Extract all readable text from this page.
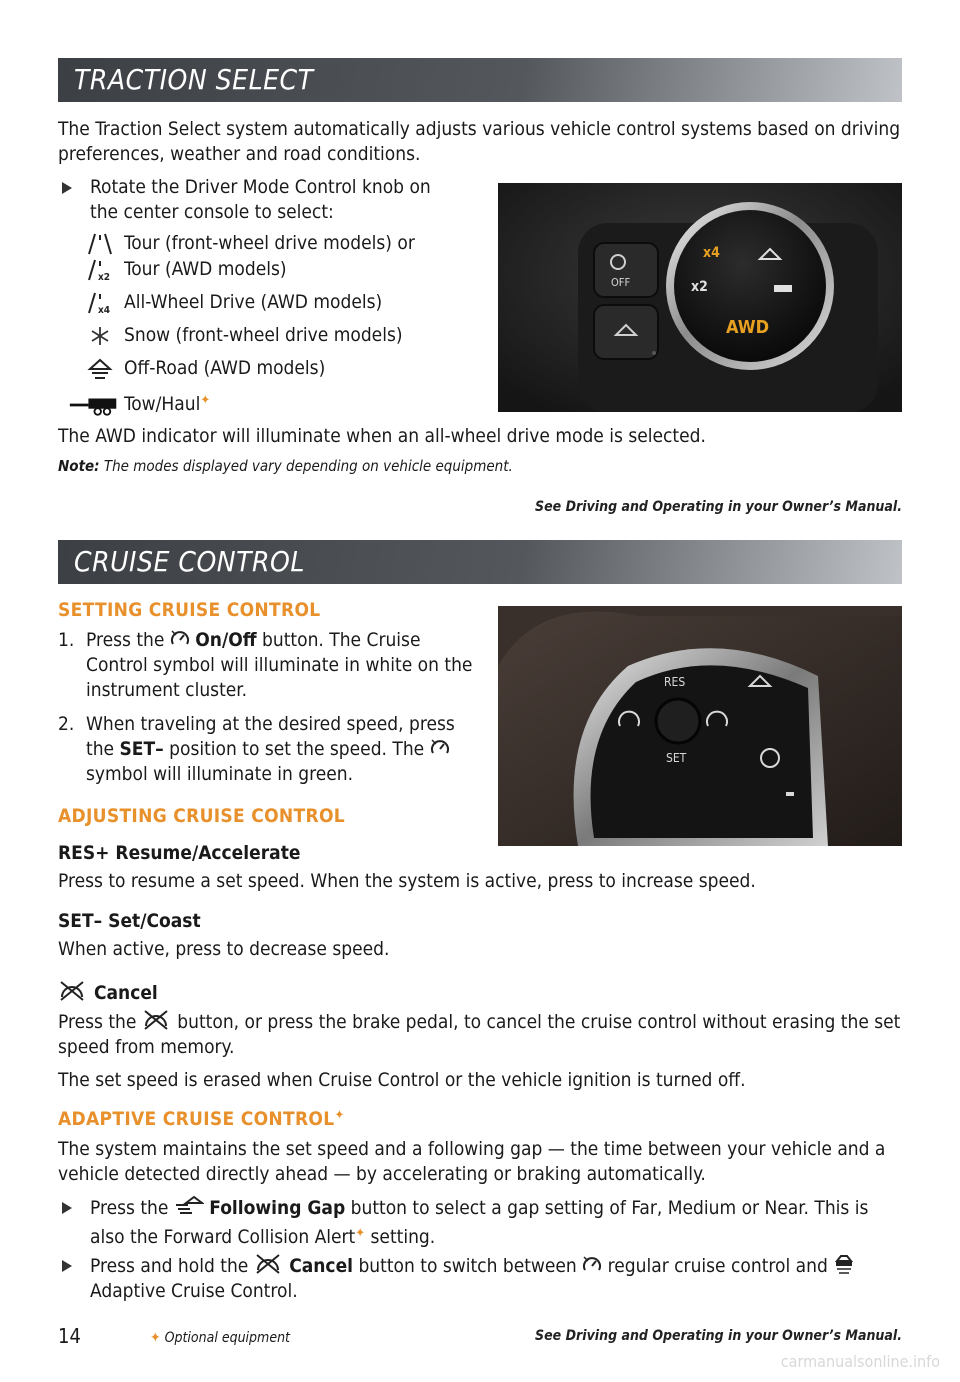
TRACTION SELECT
The Traction Select system automatically adjusts various vehicle control systems based on driving preferences, weather and road conditions.
Rotate the Driver Mode Control knob on the center console to select:
Tour (front-wheel drive models) or
x2 Tour (AWD models)
x4 All-Wheel Drive (AWD models)
Snow (front-wheel drive models)
Off-Road (AWD models)
Tow/Haul✦
OFF
x4
x2
AWD
The AWD indicator will illuminate when an all-wheel drive mode is selected.
Note: The modes displayed vary depending on vehicle equipment.
See Driving and Operating in your Owner’s Manual.
CRUISE CONTROL
SETTING CRUISE CONTROL
1. Press the On/Off button. The Cruise Control symbol will illuminate in white on the instrument cluster.
2. When traveling at the desired speed, press the SET– position to set the speed. The  symbol will illuminate in green.
RES
SET
ADJUSTING CRUISE CONTROL
RES+ Resume/Accelerate
Press to resume a set speed. When the system is active, press to increase speed.
SET– Set/Coast
When active, press to decrease speed.
Cancel
Press the button, or press the brake pedal, to cancel the cruise control without erasing the set speed from memory.
The set speed is erased when Cruise Control or the vehicle ignition is turned off.
ADAPTIVE CRUISE CONTROL✦
The system maintains the set speed and a following gap — the time between your vehicle and a vehicle detected directly ahead — by accelerating or braking automatically.
Press the Following Gap button to select a gap setting of Far, Medium or Near. This is also the Forward Collision Alert✦ setting.
Press and hold the Cancel button to switch between regular cruise control and  Adaptive Cruise Control.
See Driving and Operating in your Owner’s Manual.
14	✦ Optional equipment
carmanualsonline.info
